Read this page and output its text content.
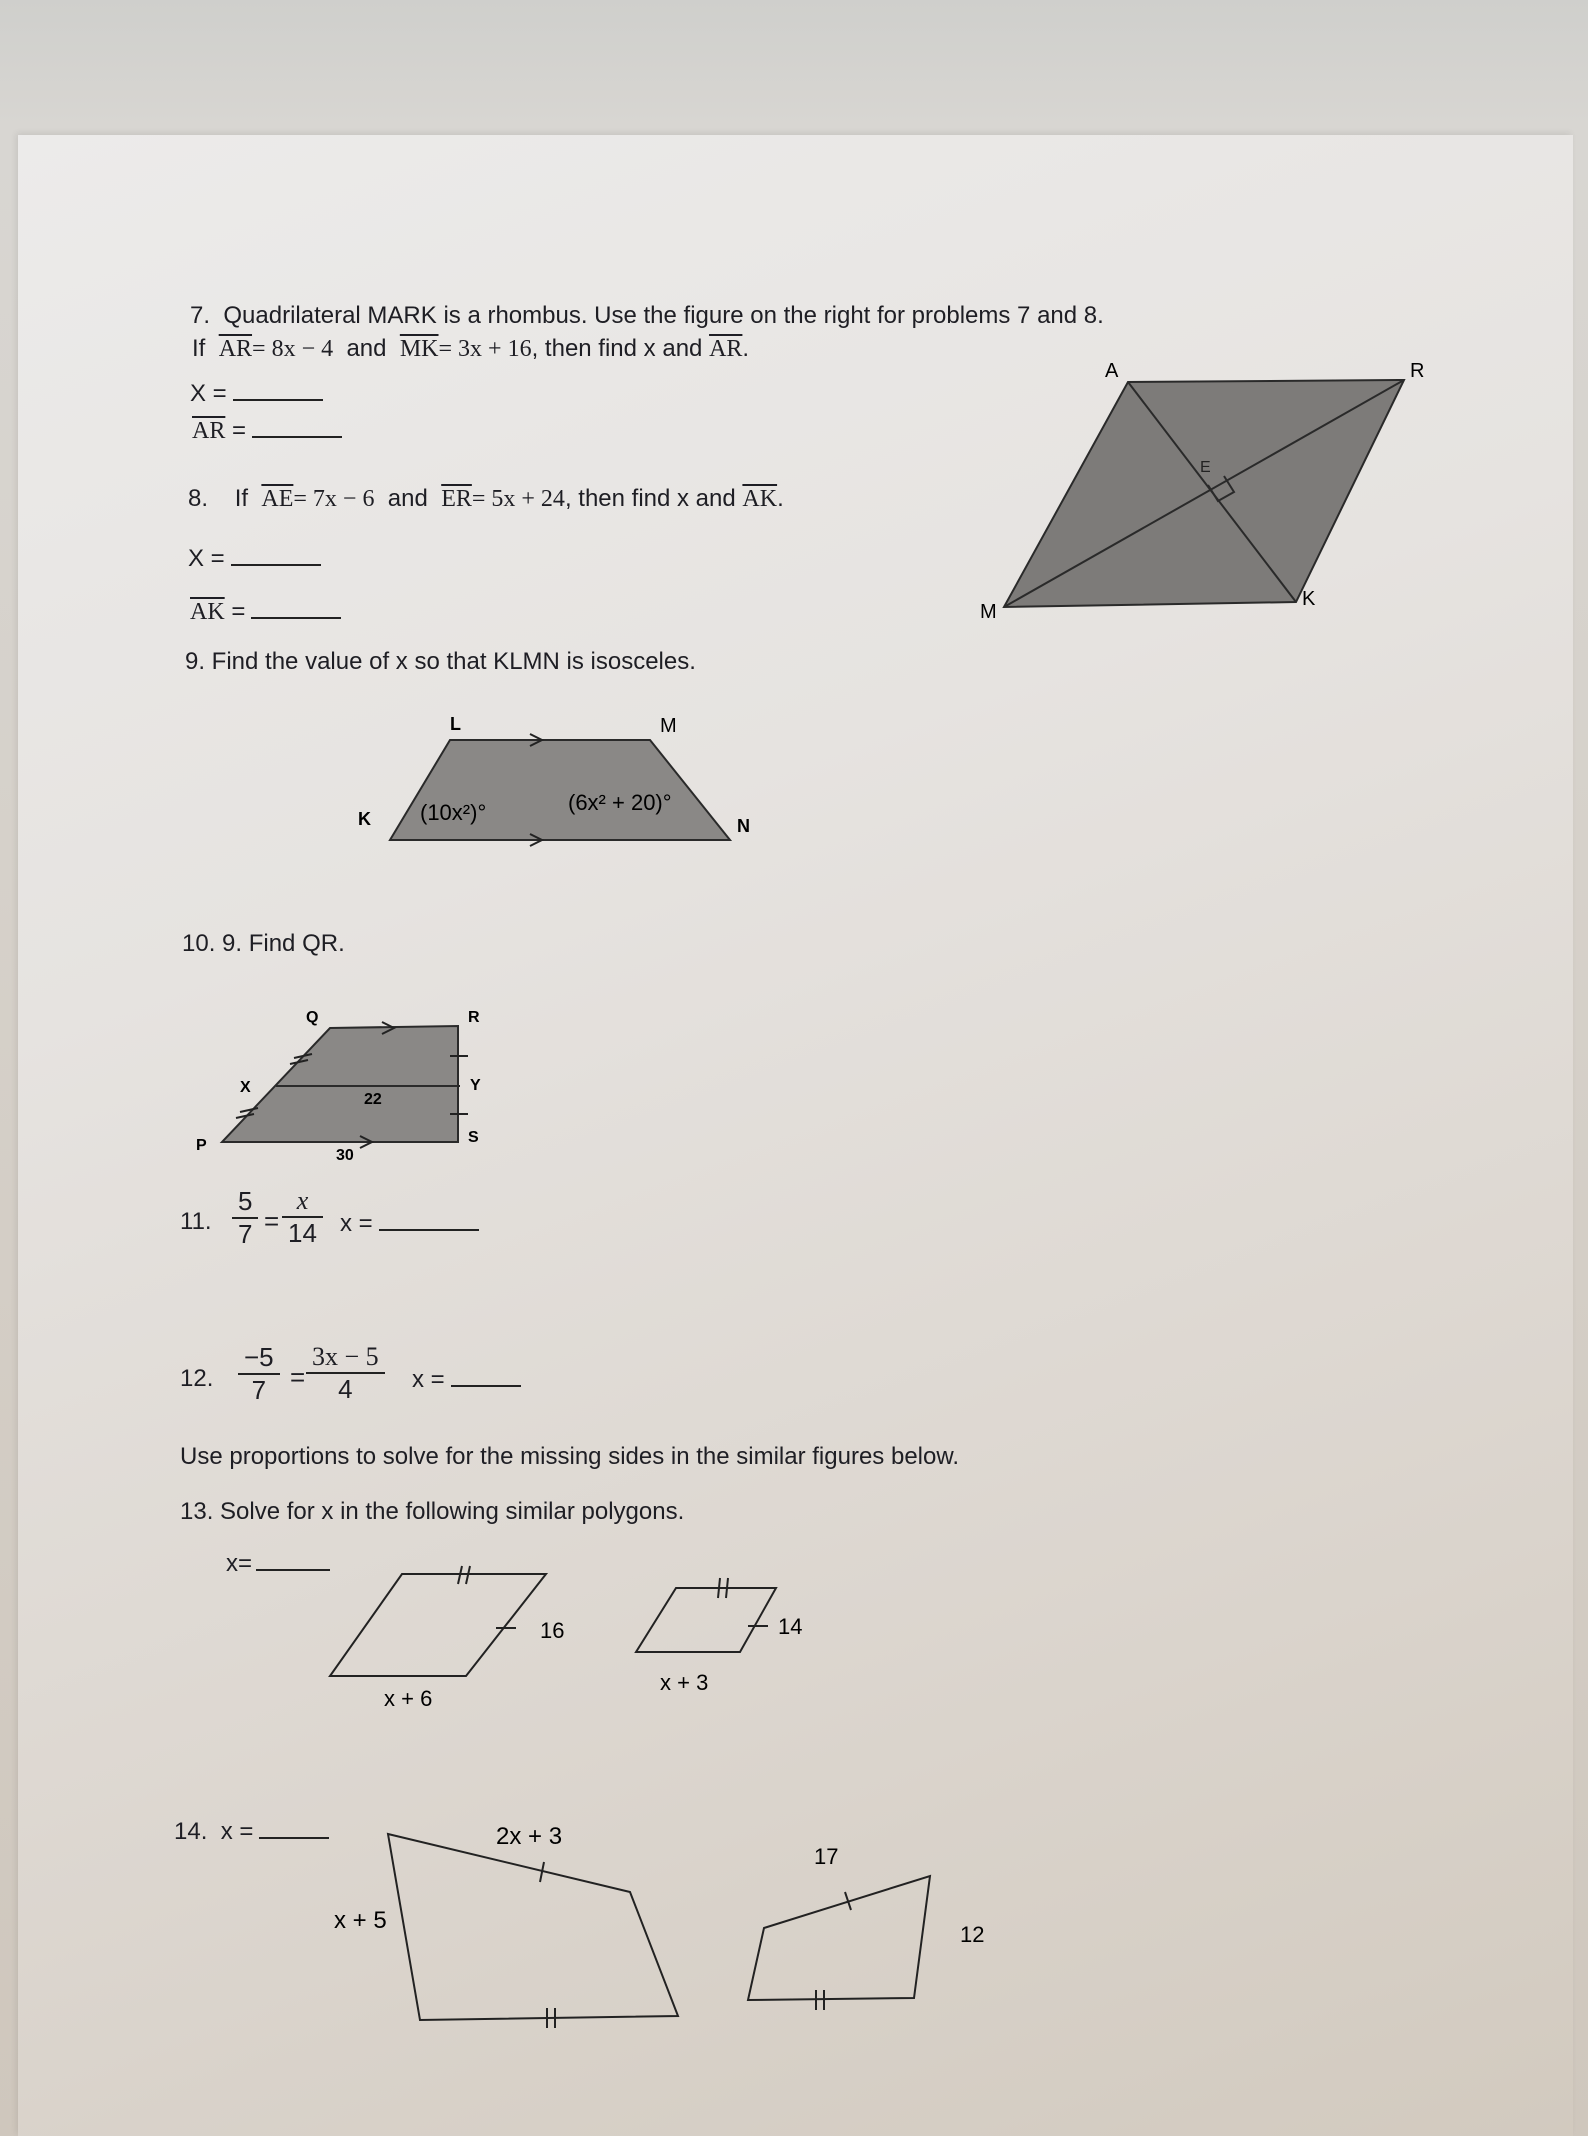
7. Quadrilateral MARK is a rhombus. Use the figure on the right for problems 7 and 8.
If $\overline{AR}= 8x - 4$ and $\overline{MK}= 3x + 16$, then find x and $\overline{AR}$.
X =
$\overline{AR}$ =
8. If $\overline{AE}= 7x - 6$ and $\overline{ER}= 5x + 24$, then find x and $\overline{AK}$.
X =
$\overline{AK}$ =
A	R
E
M
K
9. Find the value of x so that KLMN is isosceles.
L	M
K	N
(10x²)°	(6x² + 20)°
10. 9. Find QR.
Q	R
X	Y
P	S
22
30
11. $\frac{5}{7} = \frac{x}{14}$ x =
12. $\frac{-5}{7} = \frac{3x - 5}{4}$ x =
Use proportions to solve for the missing sides in the similar figures below.
13. Solve for x in the following similar polygons.
x=
16
x + 6
14
x + 3
14. x =	2x + 3
x + 5
17
12
